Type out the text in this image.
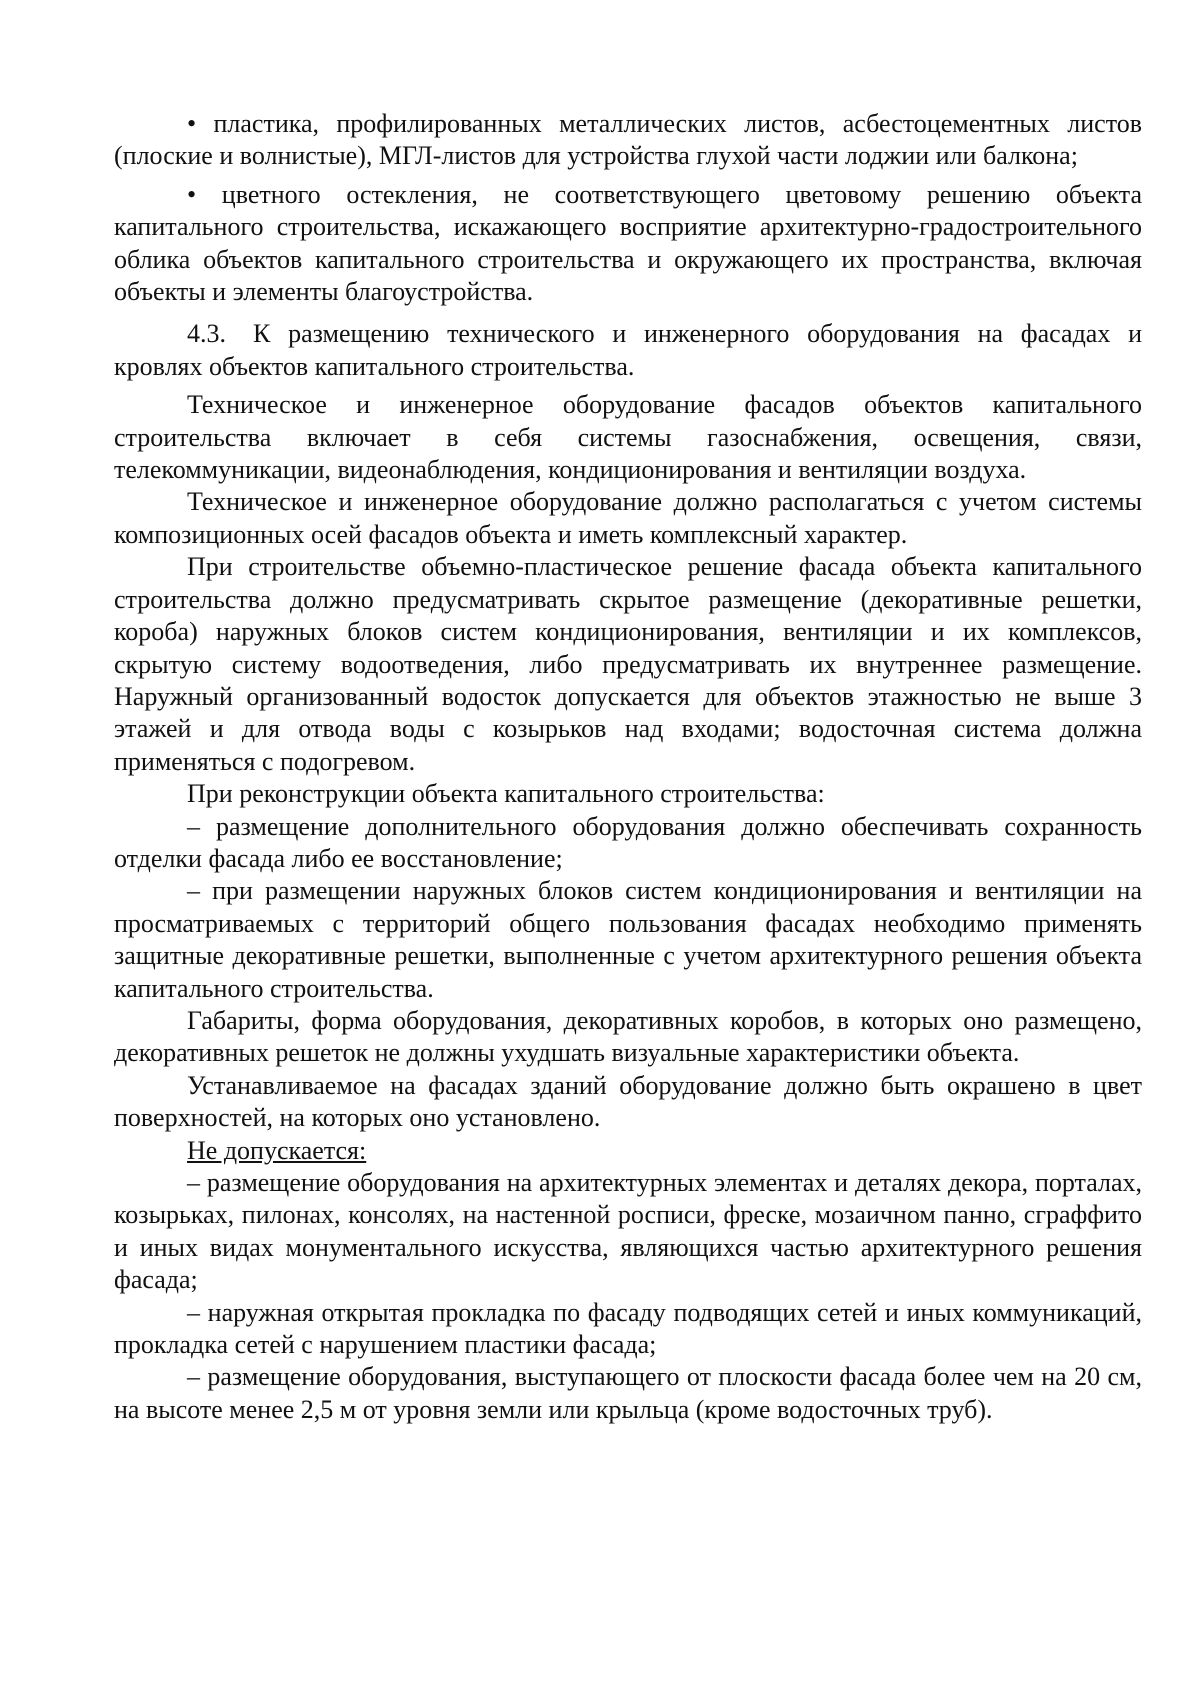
• пластика, профилированных металлических листов, асбестоцементных листов (плоские и волнистые), МГЛ-листов для устройства глухой части лоджии или балкона;

• цветного остекления, не соответствующего цветовому решению объекта капитального строительства, искажающего восприятие архитектурно-градостроительного облика объектов капитального строительства и окружающего их пространства, включая объекты и элементы благоустройства.

4.3. К размещению технического и инженерного оборудования на фасадах и кровлях объектов капитального строительства.

Техническое и инженерное оборудование фасадов объектов капитального строительства включает в себя системы газоснабжения, освещения, связи, телекоммуникации, видеонаблюдения, кондиционирования и вентиляции воздуха.

Техническое и инженерное оборудование должно располагаться с учетом системы композиционных осей фасадов объекта и иметь комплексный характер.

При строительстве объемно-пластическое решение фасада объекта капитального строительства должно предусматривать скрытое размещение (декоративные решетки, короба) наружных блоков систем кондиционирования, вентиляции и их комплексов, скрытую систему водоотведения, либо предусматривать их внутреннее размещение. Наружный организованный водосток допускается для объектов этажностью не выше 3 этажей и для отвода воды с козырьков над входами; водосточная система должна применяться с подогревом.

При реконструкции объекта капитального строительства:

– размещение дополнительного оборудования должно обеспечивать сохранность отделки фасада либо ее восстановление;

– при размещении наружных блоков систем кондиционирования и вентиляции на просматриваемых с территорий общего пользования фасадах необходимо применять защитные декоративные решетки, выполненные с учетом архитектурного решения объекта капитального строительства.

Габариты, форма оборудования, декоративных коробов, в которых оно размещено, декоративных решеток не должны ухудшать визуальные характеристики объекта.

Устанавливаемое на фасадах зданий оборудование должно быть окрашено в цвет поверхностей, на которых оно установлено.

Не допускается:

– размещение оборудования на архитектурных элементах и деталях декора, порталах, козырьках, пилонах, консолях, на настенной росписи, фреске, мозаичном панно, сграффито и иных видах монументального искусства, являющихся частью архитектурного решения фасада;

– наружная открытая прокладка по фасаду подводящих сетей и иных коммуникаций, прокладка сетей с нарушением пластики фасада;

– размещение оборудования, выступающего от плоскости фасада более чем на 20 см, на высоте менее 2,5 м от уровня земли или крыльца (кроме водосточных труб).
